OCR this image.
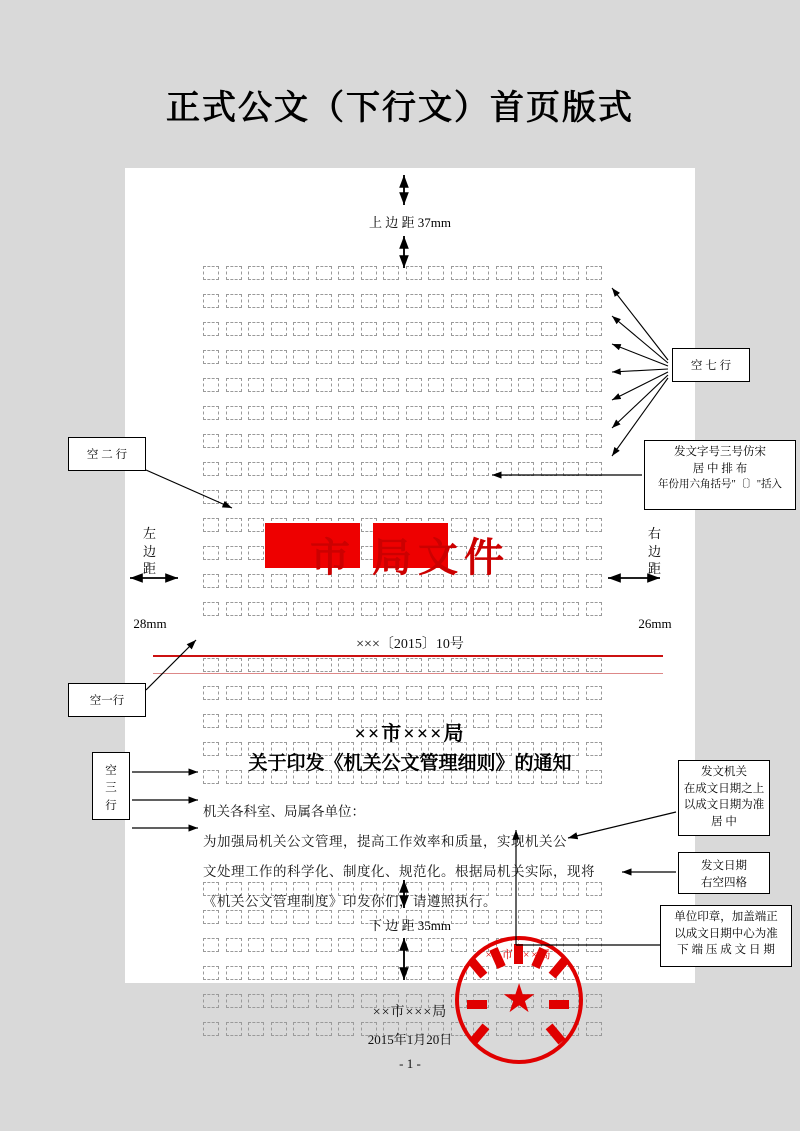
正式公文（下行文）首页版式
市 局文件
×××〔2015〕10号
××市×××局
关于印发《机关公文管理细则》的通知
机关各科室、局属各单位：
为加强局机关公文管理，提高工作效率和质量，实现机关公
文处理工作的科学化、制度化、规范化。根据局机关实际，现将
《机关公文管理制度》印发你们，请遵照执行。
××市×××局
★
××市×××局
2015年1月20日
- 1 -
上 边 距 37mm
下 边 距 35mm
左
边
距
28mm
右
边
距
26mm
空 七 行
空 二 行	发文字号三号仿宋
居 中 排 布
年份用六角括号"〔〕"括入
空一行
空
三
行
发文机关
在成文日期之上
以成文日期为准
居 中
发文日期
右空四格
单位印章，加盖端正
以成文日期中心为准
下 端 压 成 文 日 期
